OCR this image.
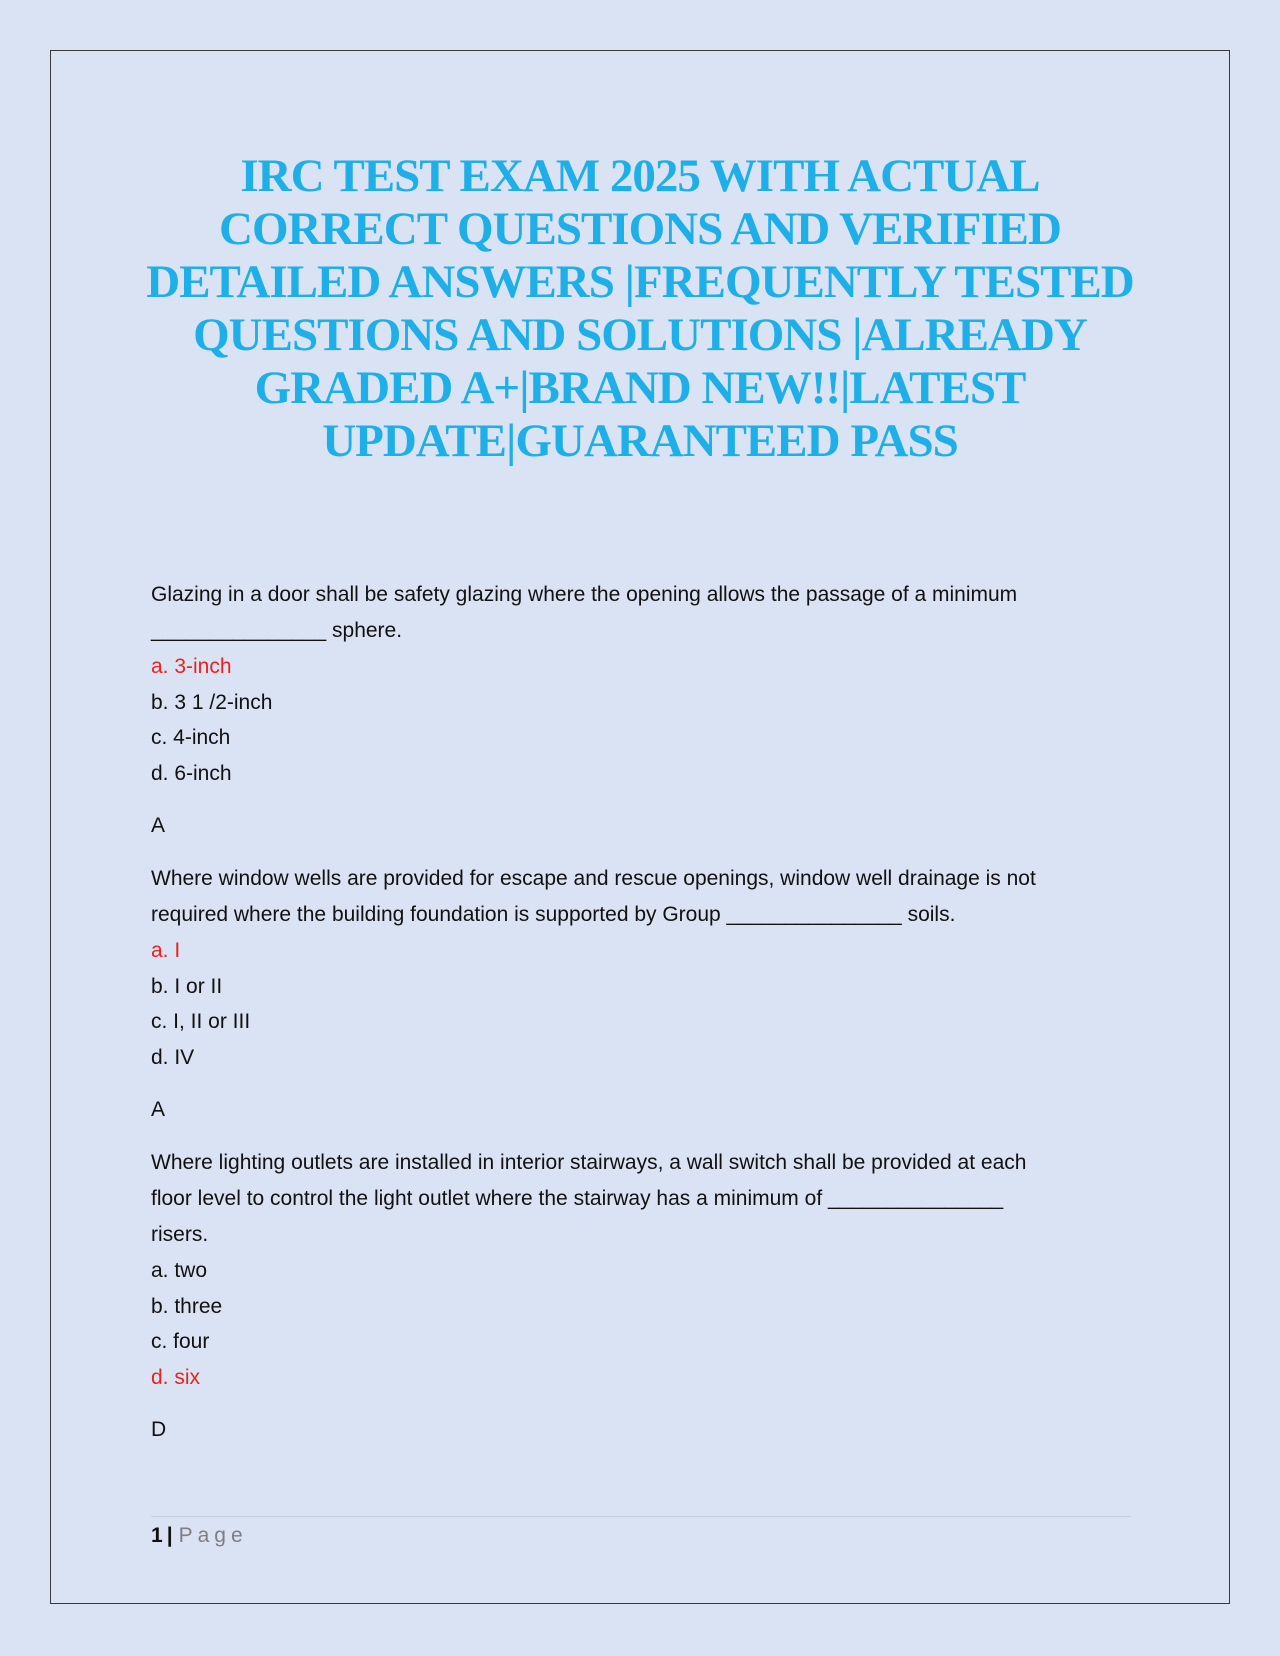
IRC TEST EXAM 2025 WITH ACTUAL
CORRECT QUESTIONS AND VERIFIED
DETAILED ANSWERS |FREQUENTLY TESTED
QUESTIONS AND SOLUTIONS |ALREADY
GRADED A+|BRAND NEW!!|LATEST
UPDATE|GUARANTEED PASS

Glazing in a door shall be safety glazing where the opening allows the passage of a minimum
_______________ sphere.

a. 3-inch

b. 3 1 /2-inch

c. 4-inch

d. 6-inch

A

Where window wells are provided for escape and rescue openings, window well drainage is not
required where the building foundation is supported by Group _______________ soils.

a. I

b. I or II

c. I, II or III

d. IV

A

Where lighting outlets are installed in interior stairways, a wall switch shall be provided at each
floor level to control the light outlet where the stairway has a minimum of _______________
risers.

a. two

b. three

c. four

d. six

D

1 | Page
